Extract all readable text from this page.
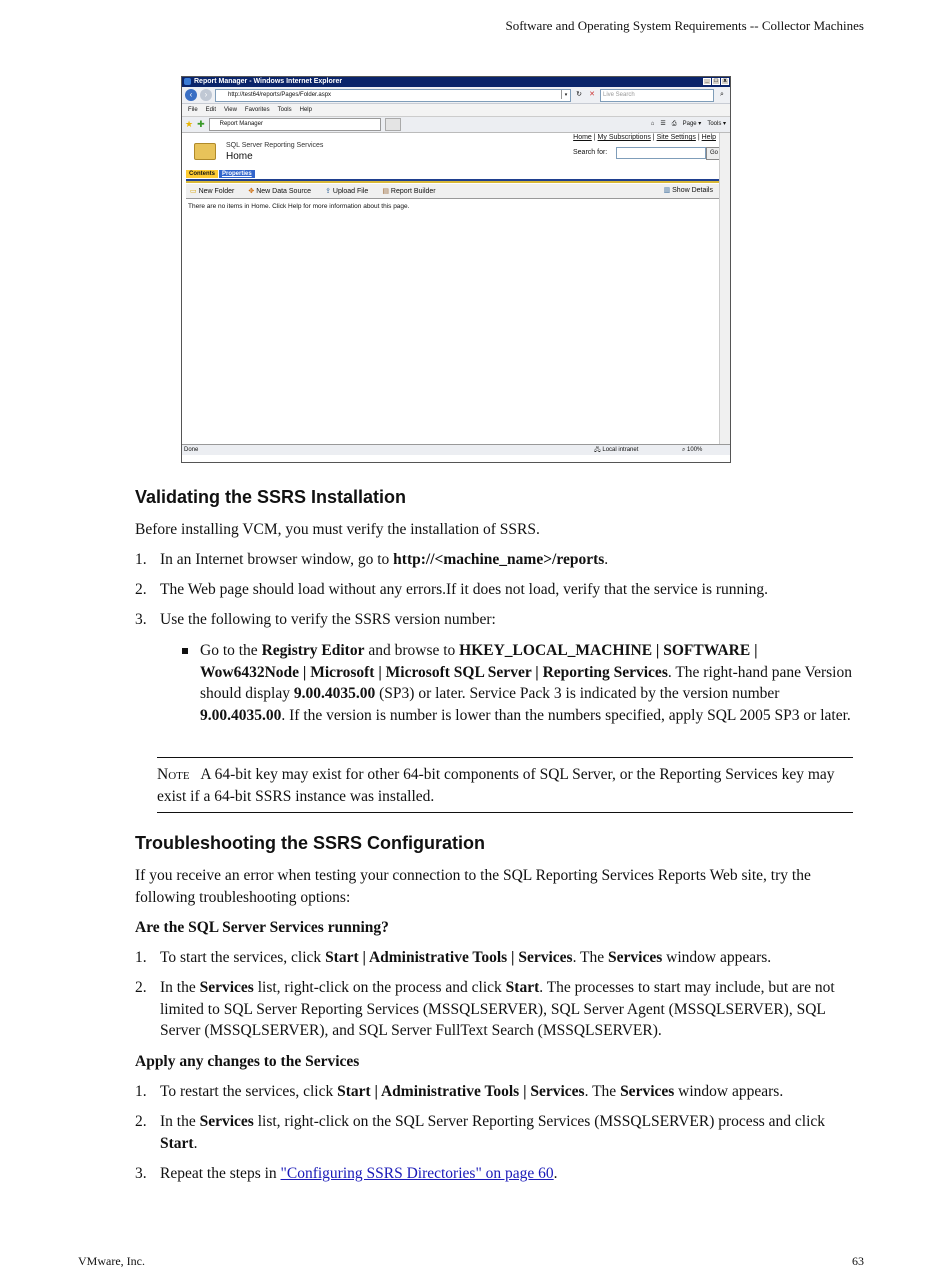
Software and Operating System Requirements -- Collector Machines
Report Manager - Windows Internet Explorer	_ □ x
‹	›	http://test64/reports/Pages/Folder.aspx	▾	↻ ✕	Live Search	⌕
File Edit View Favorites Tools Help
★ ✚	Report Manager	⌂ ☰ ⎙ Page ▾ Tools ▾
Home | My Subscriptions | Site Settings | Help
SQL Server Reporting Services
Home	Search for:	Go
Contents	Properties
▭ New Folder ✥ New Data Source ⇪ Upload File ▤ Report Builder	▥ Show Details
There are no items in Home. Click Help for more information about this page.
Done	🖧 Local intranet	⌕ 100%
Validating the SSRS Installation

Before installing VCM, you must verify the installation of SSRS.

1. In an Internet browser window, go to http://<machine_name>/reports.

2. The Web page should load without any errors.If it does not load, verify that the service is running.

3. Use the following to verify the SSRS version number:

Go to the Registry Editor and browse to HKEY_LOCAL_MACHINE | SOFTWARE | Wow6432Node | Microsoft | Microsoft SQL Server | Reporting Services. The right-hand pane Version should display 9.00.4035.00 (SP3) or later. Service Pack 3 is indicated by the version number 9.00.4035.00. If the version is number is lower than the numbers specified, apply SQL 2005 SP3 or later.

Note A 64-bit key may exist for other 64-bit components of SQL Server, or the Reporting Services key may exist if a 64-bit SSRS instance was installed.

Troubleshooting the SSRS Configuration

If you receive an error when testing your connection to the SQL Reporting Services Reports Web site, try the following troubleshooting options:

Are the SQL Server Services running?

1. To start the services, click Start | Administrative Tools | Services. The Services window appears.

2. In the Services list, right-click on the process and click Start. The processes to start may include, but are not limited to SQL Server Reporting Services (MSSQLSERVER), SQL Server Agent (MSSQLSERVER), SQL Server (MSSQLSERVER), and SQL Server FullText Search (MSSQLSERVER).

Apply any changes to the Services

1. To restart the services, click Start | Administrative Tools | Services. The Services window appears.

2. In the Services list, right-click on the SQL Server Reporting Services (MSSQLSERVER) process and click Start.

3. Repeat the steps in "Configuring SSRS Directories" on page 60.

VMware, Inc.	63
